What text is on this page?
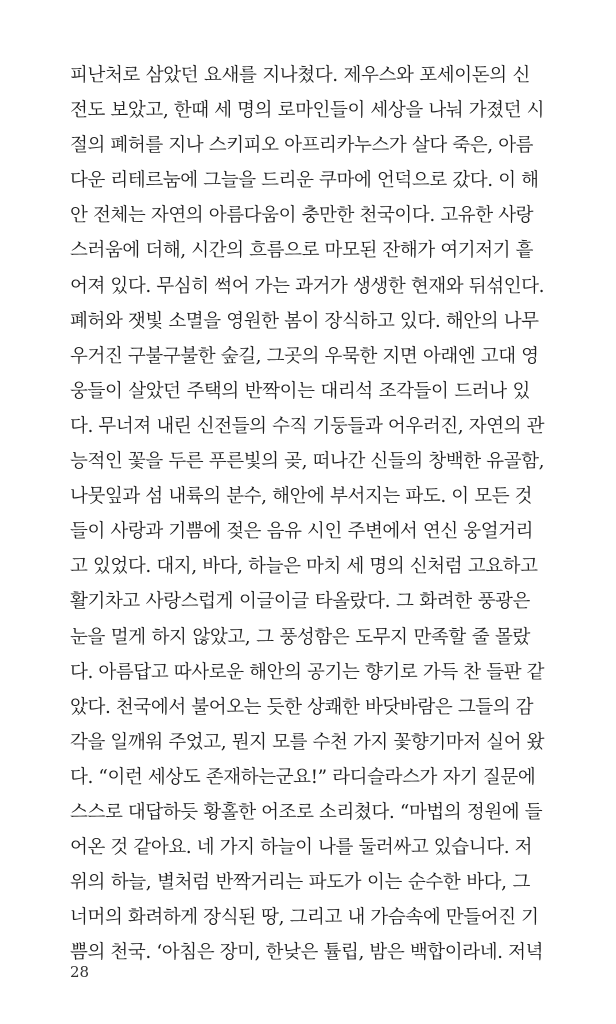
피난처로 삼았던 요새를 지나쳤다. 제우스와 포세이돈의 신
전도 보았고, 한때 세 명의 로마인들이 세상을 나눠 가졌던 시
절의 폐허를 지나 스키피오 아프리카누스가 살다 죽은, 아름
다운 리테르눔에 그늘을 드리운 쿠마에 언덕으로 갔다. 이 해
안 전체는 자연의 아름다움이 충만한 천국이다. 고유한 사랑
스러움에 더해, 시간의 흐름으로 마모된 잔해가 여기저기 흩
어져 있다. 무심히 썩어 가는 과거가 생생한 현재와 뒤섞인다.
폐허와 잿빛 소멸을 영원한 봄이 장식하고 있다. 해안의 나무
우거진 구불구불한 숲길, 그곳의 우묵한 지면 아래엔 고대 영
웅들이 살았던 주택의 반짝이는 대리석 조각들이 드러나 있
다. 무너져 내린 신전들의 수직 기둥들과 어우러진, 자연의 관
능적인 꽃을 두른 푸른빛의 곶, 떠나간 신들의 창백한 유골함,
나뭇잎과 섬 내륙의 분수, 해안에 부서지는 파도. 이 모든 것
들이 사랑과 기쁨에 젖은 음유 시인 주변에서 연신 웅얼거리
고 있었다. 대지, 바다, 하늘은 마치 세 명의 신처럼 고요하고
활기차고 사랑스럽게 이글이글 타올랐다. 그 화려한 풍광은
눈을 멀게 하지 않았고, 그 풍성함은 도무지 만족할 줄 몰랐
다. 아름답고 따사로운 해안의 공기는 향기로 가득 찬 들판 같
았다. 천국에서 불어오는 듯한 상쾌한 바닷바람은 그들의 감
각을 일깨워 주었고, 뭔지 모를 수천 가지 꽃향기마저 실어 왔
다. “이런 세상도 존재하는군요!” 라디슬라스가 자기 질문에
스스로 대답하듯 황홀한 어조로 소리쳤다. “마법의 정원에 들
어온 것 같아요. 네 가지 하늘이 나를 둘러싸고 있습니다. 저
위의 하늘, 별처럼 반짝거리는 파도가 이는 순수한 바다, 그
너머의 화려하게 장식된 땅, 그리고 내 가슴속에 만들어진 기
쁨의 천국. ‘아침은 장미, 한낮은 튤립, 밤은 백합이라네. 저녁
28
